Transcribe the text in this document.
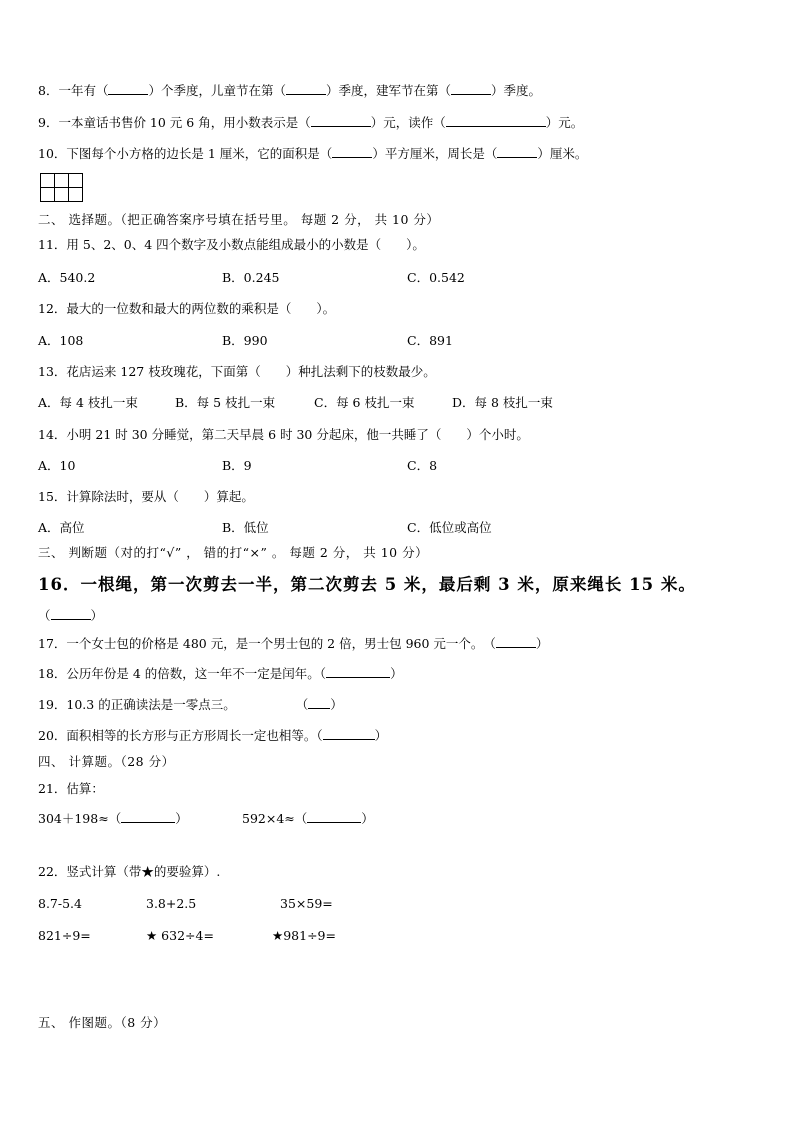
8．一年有（	）个季度，儿童节在第（	）季度，建军节在第（	）季度。
9．一本童话书售价 10 元 6 角，用小数表示是（	）元，读作（	）元。
10．下图每个小方格的边长是 1 厘米，它的面积是（	）平方厘米，周长是（	）厘米。
二、 选择题。（把正确答案序号填在括号里。 每题 2 分， 共 10 分）
11．用 5、2、0、4 四个数字及小数点能组成最小的小数是（　　）。
A．540.2	B．0.245	C．0.542
12．最大的一位数和最大的两位数的乘积是（　　）。
A．108	B．990	C．891
13．花店运来 127 枝玫瑰花，下面第（　　）种扎法剩下的枝数最少。
A．每 4 枝扎一束	B．每 5 枝扎一束	C．每 6 枝扎一束	D．每 8 枝扎一束
14．小明 21 时 30 分睡觉，第二天早晨 6 时 30 分起床，他一共睡了（　　）个小时。
A．10	B．9	C．8
15．计算除法时，要从（　　）算起。
A．高位	B．低位	C．低位或高位
三、 判断题（对的打“√” ， 错的打“×” 。 每题 2 分， 共 10 分）
16．一根绳，第一次剪去一半，第二次剪去 5 米，最后剩 3 米，原来绳长 15 米。
（	）
17．一个女士包的价格是 480 元，是一个男士包的 2 倍，男士包 960 元一个。　（	）
18．公历年份是 4 的倍数，这一年不一定是闰年。（	）
19．10.3 的正确读法是一零点三。	（ ）
20．面积相等的长方形与正方形周长一定也相等。（	）
四、 计算题。（28 分）
21．估算：
304＋198≈（	）	592×4≈（	）
22．竖式计算（带★的要验算）.
8.7-5.4	3.8+2.5	35×59=
821÷9=	★ 632÷4=	★981÷9=
五、 作图题。（8 分）
